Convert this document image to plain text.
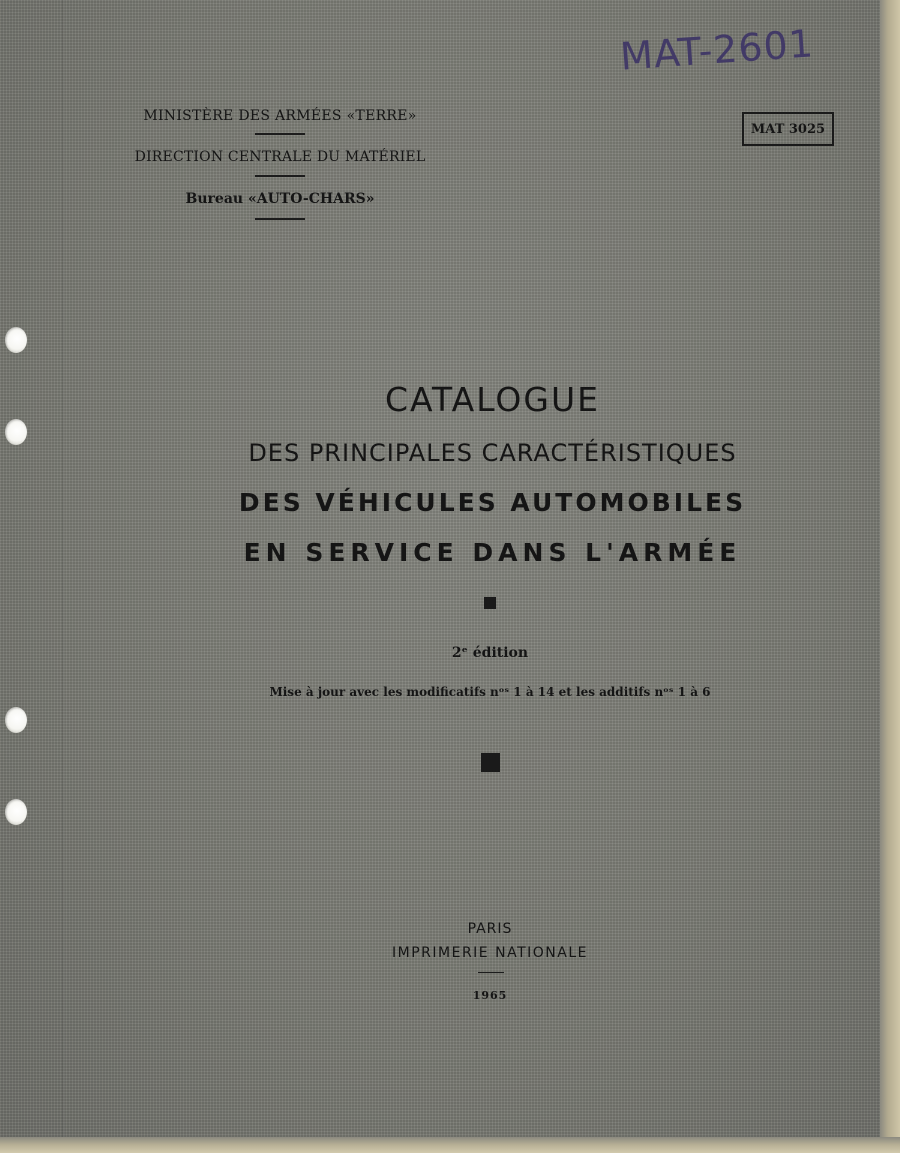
MAT-2601
MAT 3025

MINISTÈRE DES ARMÉES «TERRE»

DIRECTION CENTRALE DU MATÉRIEL

Bureau «AUTO-CHARS»

CATALOGUE

DES PRINCIPALES CARACTÉRISTIQUES

DES VÉHICULES AUTOMOBILES

EN SERVICE DANS L'ARMÉE

2ᵉ édition

Mise à jour avec les modificatifs nᵒˢ 1 à 14 et les additifs nᵒˢ 1 à 6

PARIS

IMPRIMERIE NATIONALE

1965
